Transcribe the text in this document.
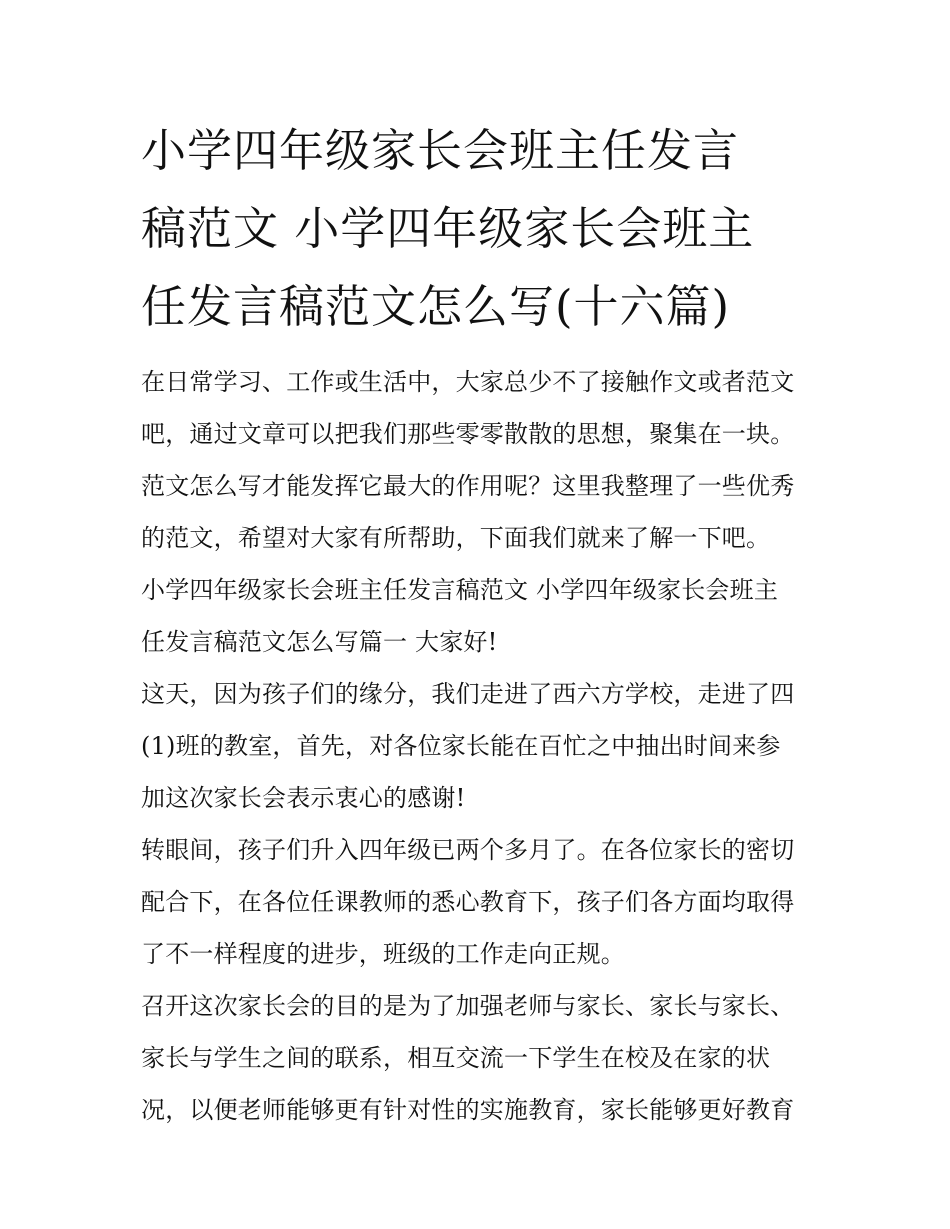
小学四年级家长会班主任发言
稿范文 小学四年级家长会班主
任发言稿范文怎么写(十六篇)
在日常学习、工作或生活中，大家总少不了接触作文或者范文
吧，通过文章可以把我们那些零零散散的思想，聚集在一块。
范文怎么写才能发挥它最大的作用呢？这里我整理了一些优秀
的范文，希望对大家有所帮助，下面我们就来了解一下吧。
小学四年级家长会班主任发言稿范文 小学四年级家长会班主
任发言稿范文怎么写篇一 大家好!
这天，因为孩子们的缘分，我们走进了西六方学校，走进了四
(1)班的教室，首先，对各位家长能在百忙之中抽出时间来参
加这次家长会表示衷心的感谢!
转眼间，孩子们升入四年级已两个多月了。在各位家长的密切
配合下，在各位任课教师的悉心教育下，孩子们各方面均取得
了不一样程度的进步，班级的工作走向正规。
召开这次家长会的目的是为了加强老师与家长、家长与家长、
家长与学生之间的联系，相互交流一下学生在校及在家的状
况，以便老师能够更有针对性的实施教育，家长能够更好教育
